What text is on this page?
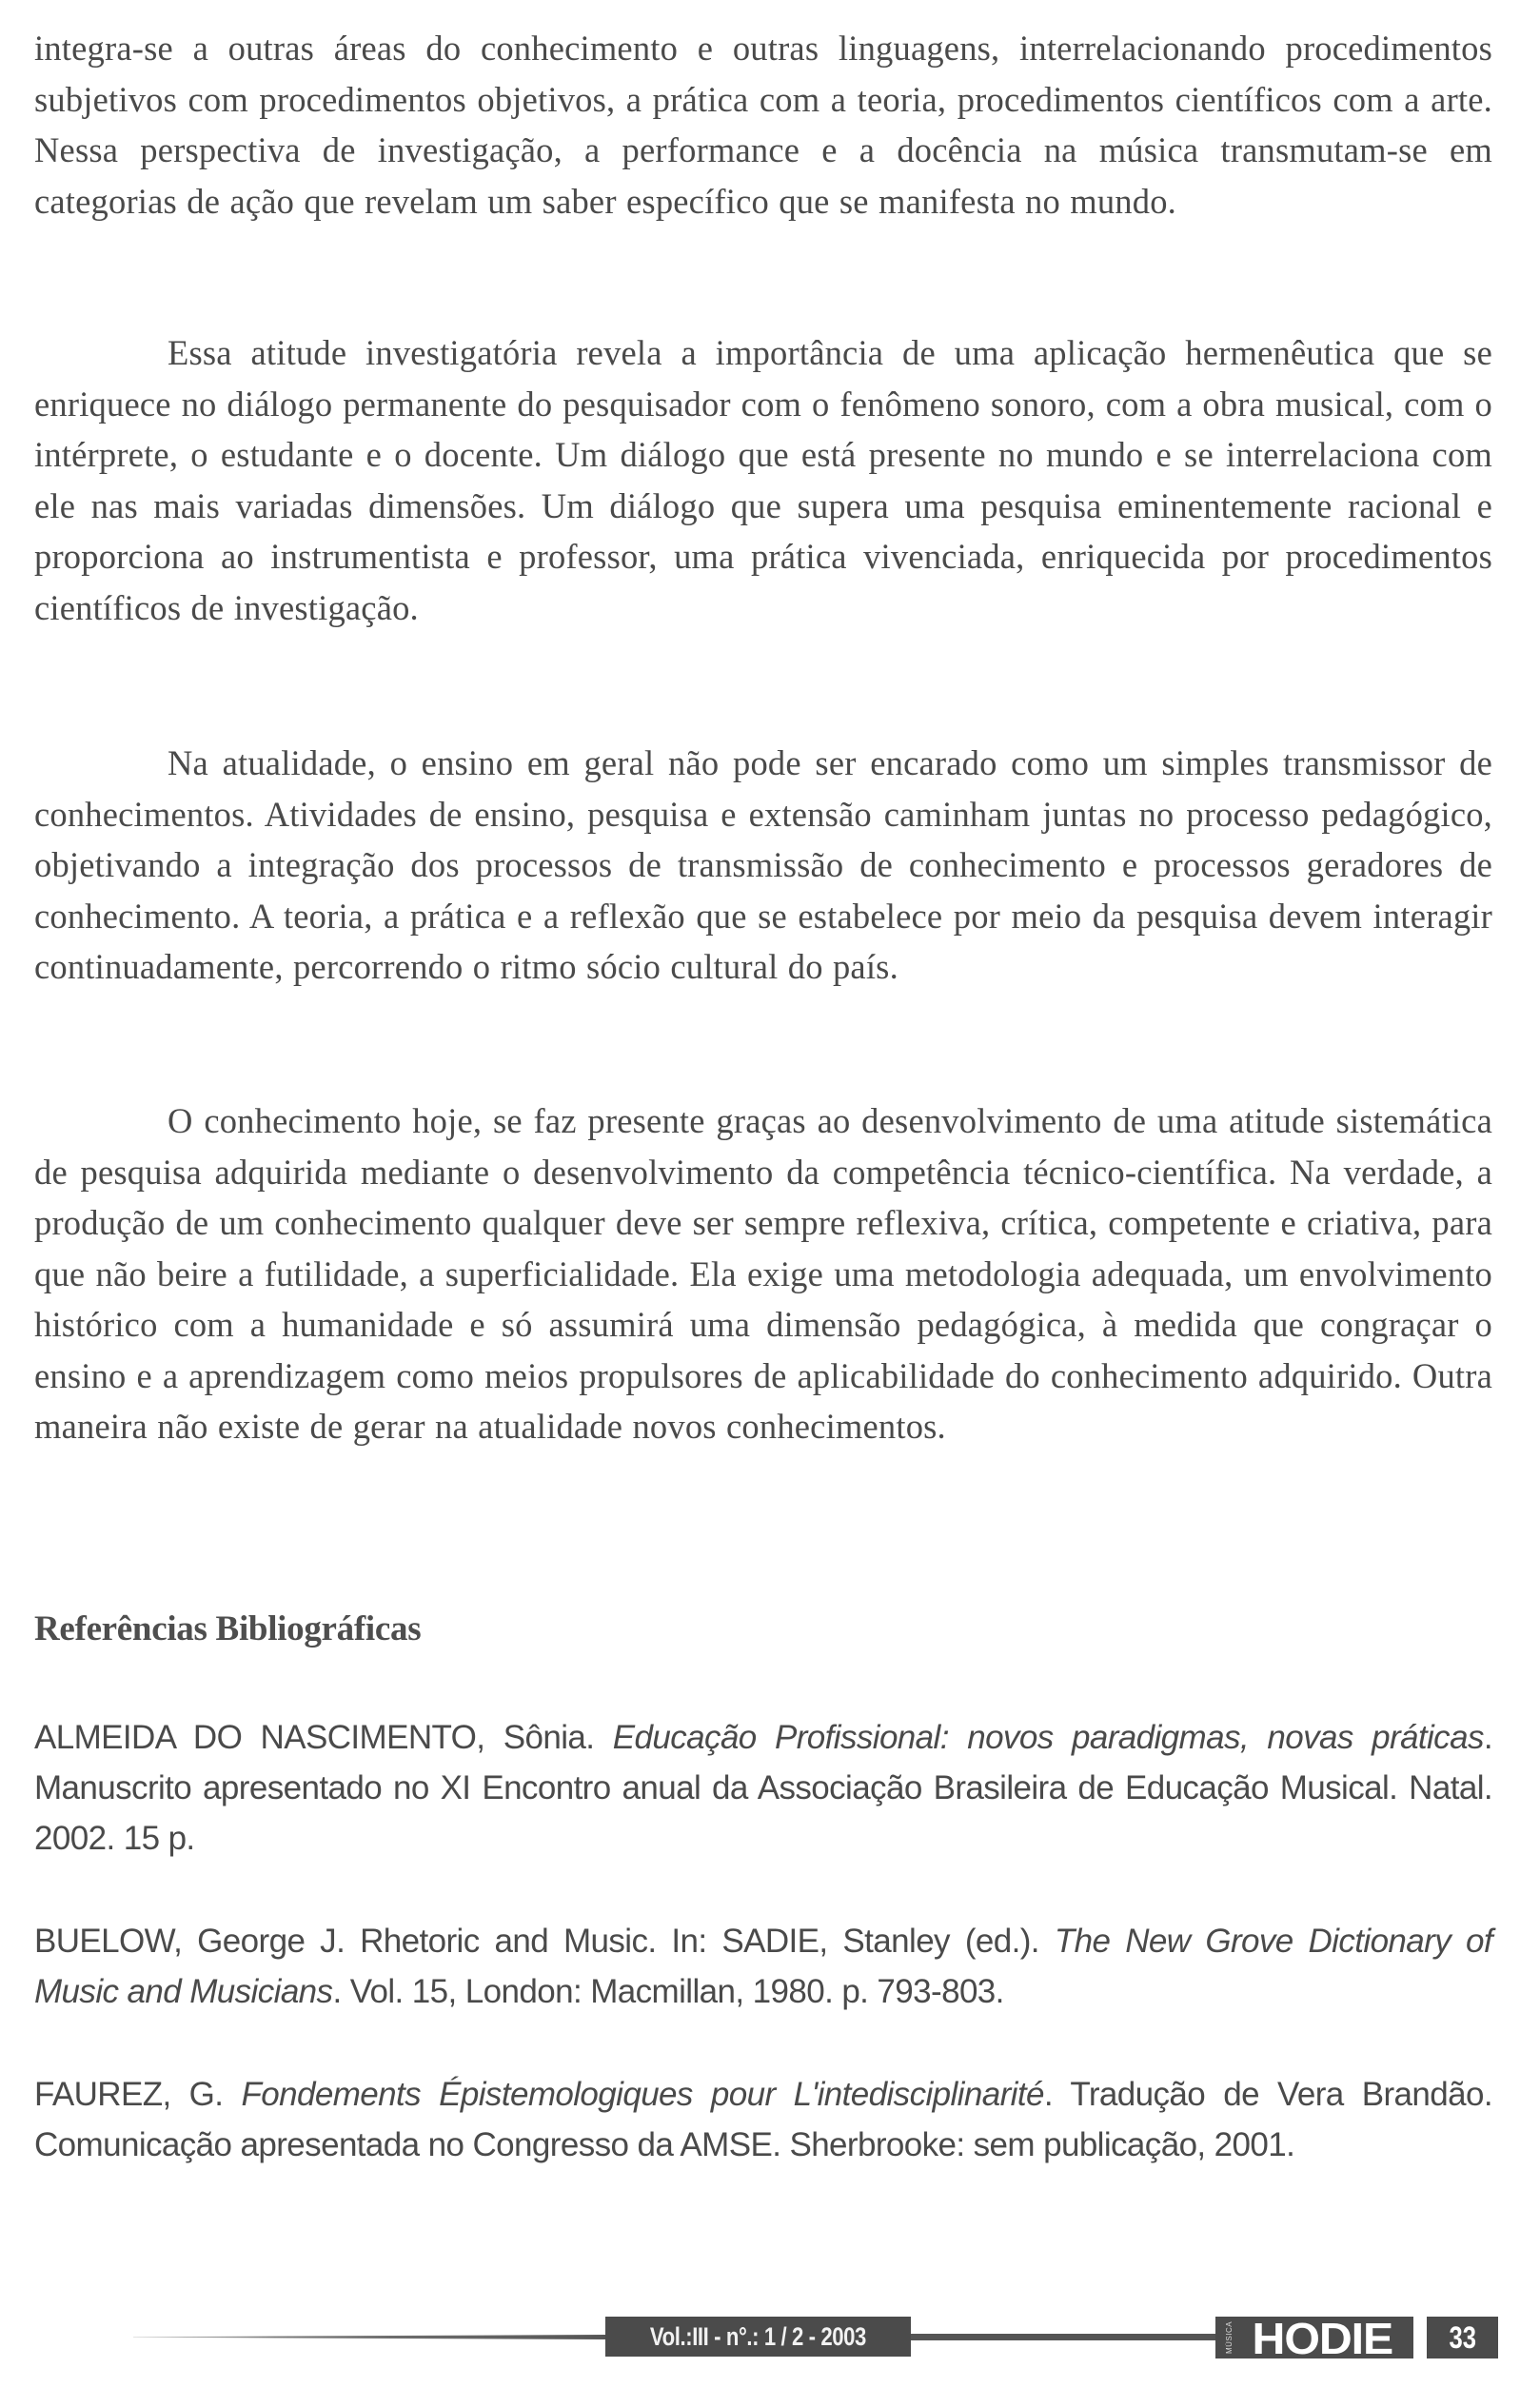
integra-se a outras áreas do conhecimento e outras linguagens, interrelacionando procedimentos subjetivos com procedimentos objetivos, a prática com a teoria, procedimentos científicos com a arte. Nessa perspectiva de investigação, a performance e a docência na música transmutam-se em categorias de ação que revelam um saber específico que se manifesta no mundo.

Essa atitude investigatória revela a importância de uma aplicação hermenêutica que se enriquece no diálogo permanente do pesquisador com o fenômeno sonoro, com a obra musical, com o intérprete, o estudante e o docente. Um diálogo que está presente no mundo e se interrelaciona com ele nas mais variadas dimensões. Um diálogo que supera uma pesquisa eminentemente racional e proporciona ao instrumentista e professor, uma prática vivenciada, enriquecida por procedimentos científicos de investigação.

Na atualidade, o ensino em geral não pode ser encarado como um simples transmissor de conhecimentos. Atividades de ensino, pesquisa e extensão caminham juntas no processo pedagógico, objetivando a integração dos processos de transmissão de conhecimento e processos geradores de conhecimento. A teoria, a prática e a reflexão que se estabelece por meio da pesquisa devem interagir continuadamente, percorrendo o ritmo sócio cultural do país.

O conhecimento hoje, se faz presente graças ao desenvolvimento de uma atitude sistemática de pesquisa adquirida mediante o desenvolvimento da competência técnico-científica. Na verdade, a produção de um conhecimento qualquer deve ser sempre reflexiva, crítica, competente e criativa, para que não beire a futilidade, a superficialidade. Ela exige uma metodologia adequada, um envolvimento histórico com a humanidade e só assumirá uma dimensão pedagógica, à medida que congraçar o ensino e a aprendizagem como meios propulsores de aplicabilidade do conhecimento adquirido. Outra maneira não existe de gerar na atualidade novos conhecimentos.

Referências Bibliográficas

ALMEIDA DO NASCIMENTO, Sônia. Educação Profissional: novos paradigmas, novas práticas. Manuscrito apresentado no XI Encontro anual da Associação Brasileira de Educação Musical. Natal. 2002. 15 p.

BUELOW, George J. Rhetoric and Music. In: SADIE, Stanley (ed.). The New Grove Dictionary of Music and Musicians. Vol. 15, London: Macmillan, 1980. p. 793-803.

FAUREZ, G. Fondements Épistemologiques pour L'intedisciplinarité. Tradução de Vera Brandão. Comunicação apresentada no Congresso da AMSE. Sherbrooke: sem publicação, 2001.

Vol.:III - n°.: 1 / 2 - 2003	MÚSICA HODIE	33
